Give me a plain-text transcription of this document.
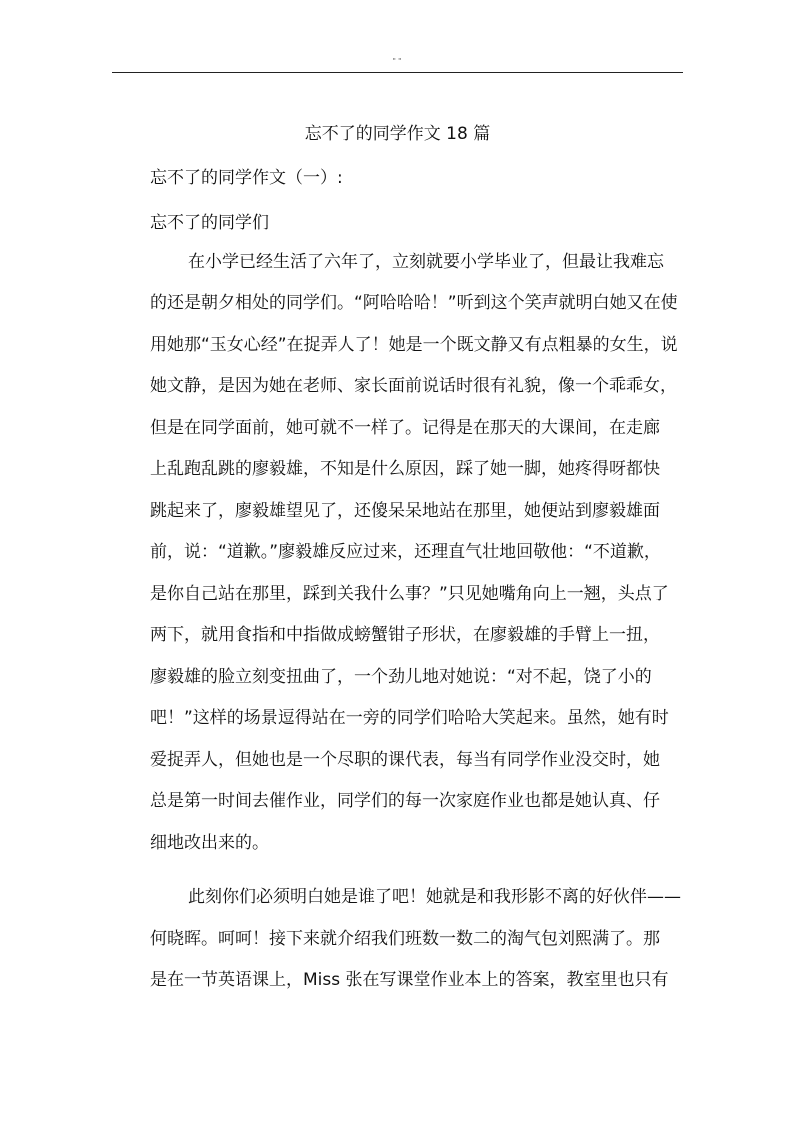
" "
忘不了的同学作文 18 篇

忘不了的同学作文（一）:

忘不了的同学们

在小学已经生活了六年了，立刻就要小学毕业了，但最让我难忘
的还是朝夕相处的同学们。“阿哈哈哈！”听到这个笑声就明白她又在使
用她那“玉女心经”在捉弄人了！她是一个既文静又有点粗暴的女生，说
她文静，是因为她在老师、家长面前说话时很有礼貌，像一个乖乖女，
但是在同学面前，她可就不一样了。记得是在那天的大课间，在走廊
上乱跑乱跳的廖毅雄，不知是什么原因，踩了她一脚，她疼得呀都快
跳起来了，廖毅雄望见了，还傻呆呆地站在那里，她便站到廖毅雄面
前，说：“道歉。”廖毅雄反应过来，还理直气壮地回敬他：“不道歉，
是你自己站在那里，踩到关我什么事？”只见她嘴角向上一翘，头点了
两下，就用食指和中指做成螃蟹钳子形状，在廖毅雄的手臂上一扭，
廖毅雄的脸立刻变扭曲了，一个劲儿地对她说：“对不起，饶了小的
吧！”这样的场景逗得站在一旁的同学们哈哈大笑起来。虽然，她有时
爱捉弄人，但她也是一个尽职的课代表，每当有同学作业没交时，她
总是第一时间去催作业，同学们的每一次家庭作业也都是她认真、仔
细地改出来的。
此刻你们必须明白她是谁了吧！她就是和我形影不离的好伙伴——
何晓晖。呵呵！接下来就介绍我们班数一数二的淘气包刘熙满了。那
是在一节英语课上，Miss 张在写课堂作业本上的答案，教室里也只有
